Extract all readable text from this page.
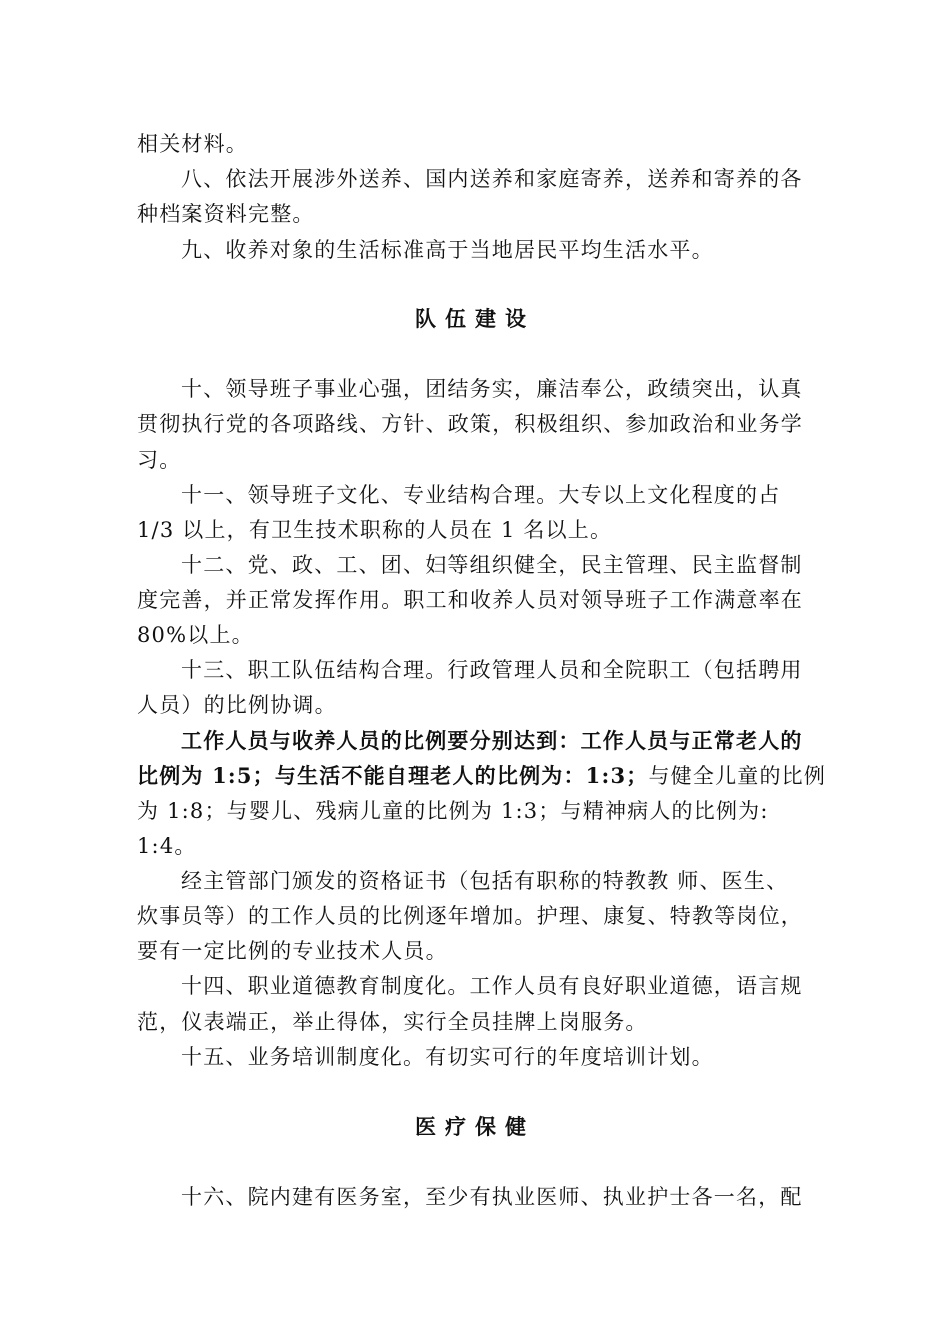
相关材料。
八、依法开展涉外送养、国内送养和家庭寄养，送养和寄养的各
种档案资料完整。
九、收养对象的生活标准高于当地居民平均生活水平。
队伍建设
十、领导班子事业心强，团结务实，廉洁奉公，政绩突出，认真
贯彻执行党的各项路线、方针、政策，积极组织、参加政治和业务学
习。
十一、领导班子文化、专业结构合理。大专以上文化程度的占
1/3 以上，有卫生技术职称的人员在 1 名以上。
十二、党、政、工、团、妇等组织健全，民主管理、民主监督制
度完善，并正常发挥作用。职工和收养人员对领导班子工作满意率在
80%以上。
十三、职工队伍结构合理。行政管理人员和全院职工（包括聘用
人员）的比例协调。
工作人员与收养人员的比例要分别达到：工作人员与正常老人的
比例为 1:5；与生活不能自理老人的比例为：1:3；与健全儿童的比例
为 1:8；与婴儿、残病儿童的比例为 1:3；与精神病人的比例为:
1:4。
经主管部门颁发的资格证书（包括有职称的特教教 师、医生、
炊事员等）的工作人员的比例逐年增加。护理、康复、特教等岗位，
要有一定比例的专业技术人员。
十四、职业道德教育制度化。工作人员有良好职业道德，语言规
范，仪表端正，举止得体，实行全员挂牌上岗服务。
十五、业务培训制度化。有切实可行的年度培训计划。
医疗保健
十六、院内建有医务室，至少有执业医师、执业护士各一名，配
